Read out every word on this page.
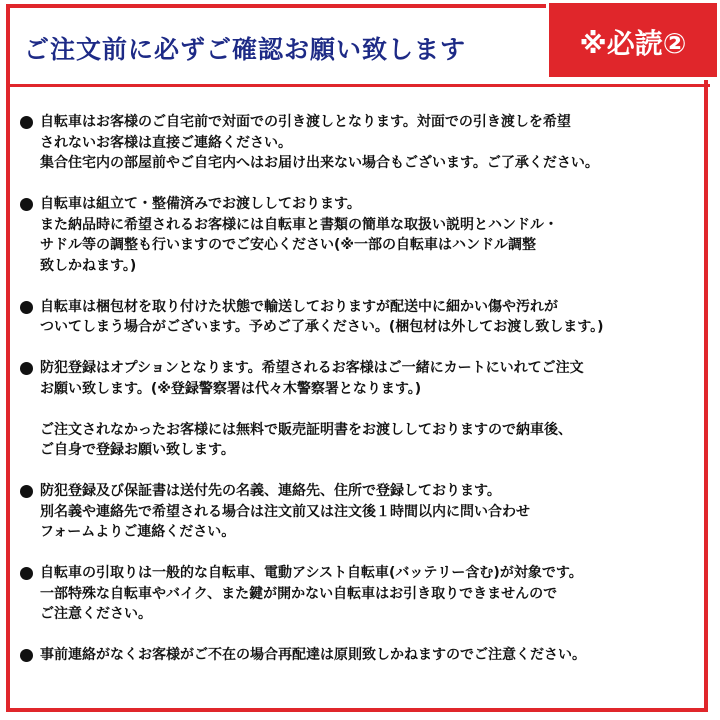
ご注文前に必ずご確認お願い致します	※必読②
自転車はお客様のご自宅前で対面での引き渡しとなります。対面での引き渡しを希望
されないお客様は直接ご連絡ください。
集合住宅内の部屋前やご自宅内へはお届け出来ない場合もございます。ご了承ください。
自転車は組立て・整備済みでお渡ししております。
また納品時に希望されるお客様には自転車と書類の簡単な取扱い説明とハンドル・
サドル等の調整も行いますのでご安心ください(※一部の自転車はハンドル調整
致しかねます。)
自転車は梱包材を取り付けた状態で輸送しておりますが配送中に細かい傷や汚れが
ついてしまう場合がございます。予めご了承ください。(梱包材は外してお渡し致します。)
防犯登録はオプションとなります。希望されるお客様はご一緒にカートにいれてご注文
お願い致します。(※登録警察署は代々木警察署となります。)
ご注文されなかったお客様には無料で販売証明書をお渡ししておりますので納車後、
ご自身で登録お願い致します。
防犯登録及び保証書は送付先の名義、連絡先、住所で登録しております。
別名義や連絡先で希望される場合は注文前又は注文後１時間以内に問い合わせ
フォームよりご連絡ください。
自転車の引取りは一般的な自転車、電動アシスト自転車(バッテリー含む)が対象です。
一部特殊な自転車やバイク、また鍵が開かない自転車はお引き取りできませんので
ご注意ください。
事前連絡がなくお客様がご不在の場合再配達は原則致しかねますのでご注意ください。
